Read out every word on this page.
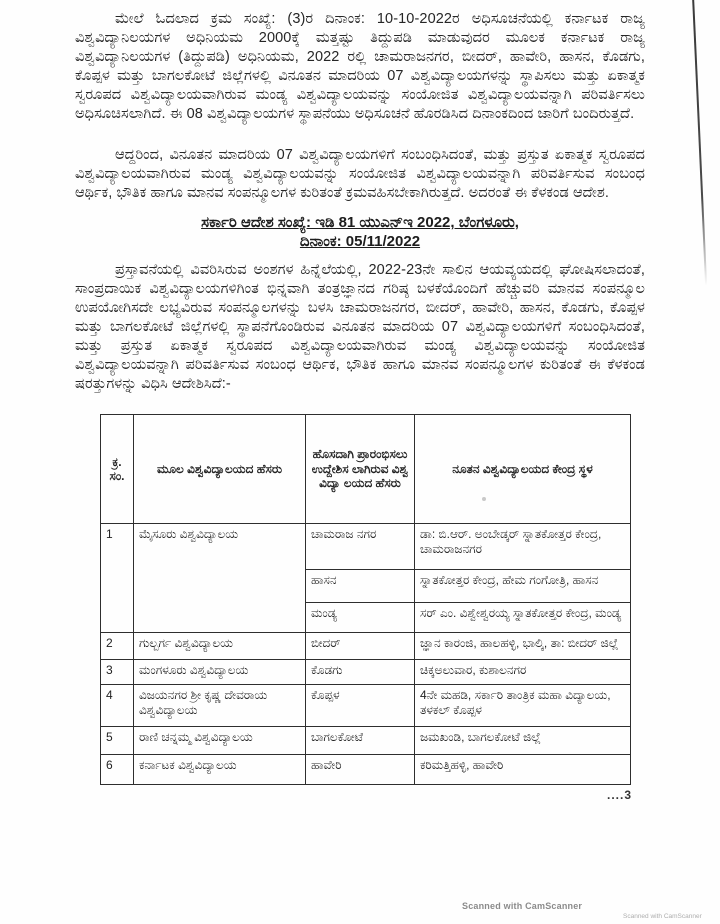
ಮೇಲೆ ಓದಲಾದ ಕ್ರಮ ಸಂಖ್ಯೆ: (3)ರ ದಿನಾಂಕ: 10-10-2022ರ ಅಧಿಸೂಚನೆಯಲ್ಲಿ ಕರ್ನಾಟಕ ರಾಜ್ಯ ವಿಶ್ವವಿದ್ಯಾನಿಲಯಗಳ ಅಧಿನಿಯಮ 2000ಕ್ಕೆ ಮತ್ತಷ್ಟು ತಿದ್ದುಪಡಿ ಮಾಡುವುದರ ಮೂಲಕ ಕರ್ನಾಟಕ ರಾಜ್ಯ ವಿಶ್ವವಿದ್ಯಾನಿಲಯಗಳ (ತಿದ್ದುಪಡಿ) ಅಧಿನಿಯಮ, 2022 ರಲ್ಲಿ ಚಾಮರಾಜನಗರ, ಬೀದರ್, ಹಾವೇರಿ, ಹಾಸನ, ಕೊಡಗು, ಕೊಪ್ಪಳ ಮತ್ತು ಬಾಗಲಕೋಟೆ ಜಿಲ್ಲೆಗಳಲ್ಲಿ ವಿನೂತನ ಮಾದರಿಯ 07 ವಿಶ್ವವಿದ್ಯಾಲಯಗಳನ್ನು ಸ್ಥಾಪಿಸಲು ಮತ್ತು ಏಕಾತ್ಮಕ ಸ್ವರೂಪದ ವಿಶ್ವವಿದ್ಯಾಲಯವಾಗಿರುವ ಮಂಡ್ಯ ವಿಶ್ವವಿದ್ಯಾಲಯವನ್ನು ಸಂಯೋಜಿತ ವಿಶ್ವವಿದ್ಯಾಲಯವನ್ನಾಗಿ ಪರಿವರ್ತಿಸಲು ಅಧಿಸೂಚಿಸಲಾಗಿದೆ. ಈ 08 ವಿಶ್ವವಿದ್ಯಾಲಯಗಳ ಸ್ಥಾಪನೆಯು ಅಧಿಸೂಚನೆ ಹೊರಡಿಸಿದ ದಿನಾಂಕದಿಂದ ಜಾರಿಗೆ ಬಂದಿರುತ್ತದೆ.

ಆದ್ದರಿಂದ, ವಿನೂತನ ಮಾದರಿಯ 07 ವಿಶ್ವವಿದ್ಯಾಲಯಗಳಿಗೆ ಸಂಬಂಧಿಸಿದಂತೆ, ಮತ್ತು ಪ್ರಸ್ತುತ ಏಕಾತ್ಮಕ ಸ್ವರೂಪದ ವಿಶ್ವವಿದ್ಯಾಲಯವಾಗಿರುವ ಮಂಡ್ಯ ವಿಶ್ವವಿದ್ಯಾಲಯವನ್ನು ಸಂಯೋಜಿತ ವಿಶ್ವವಿದ್ಯಾಲಯವನ್ನಾಗಿ ಪರಿವರ್ತಿಸುವ ಸಂಬಂಧ ಆರ್ಥಿಕ, ಭೌತಿಕ ಹಾಗೂ ಮಾನವ ಸಂಪನ್ಮೂಲಗಳ ಕುರಿತಂತೆ ಕ್ರಮವಹಿಸಬೇಕಾಗಿರುತ್ತದೆ. ಅದರಂತೆ ಈ ಕೆಳಕಂಡ ಆದೇಶ.

ಸರ್ಕಾರಿ ಆದೇಶ ಸಂಖ್ಯೆ: ಇಡಿ 81 ಯುಎನ್‌ಇ 2022, ಬೆಂಗಳೂರು,
ದಿನಾಂಕ: 05/11/2022

ಪ್ರಸ್ತಾವನೆಯಲ್ಲಿ ವಿವರಿಸಿರುವ ಅಂಶಗಳ ಹಿನ್ನೆಲೆಯಲ್ಲಿ, 2022-23ನೇ ಸಾಲಿನ ಆಯವ್ಯಯದಲ್ಲಿ ಘೋಷಿಸಲಾದಂತೆ, ಸಾಂಪ್ರದಾಯಿಕ ವಿಶ್ವವಿದ್ಯಾಲಯಗಳಿಗಿಂತ ಭಿನ್ನವಾಗಿ ತಂತ್ರಜ್ಞಾನದ ಗರಿಷ್ಠ ಬಳಕೆಯೊಂದಿಗೆ ಹೆಚ್ಚುವರಿ ಮಾನವ ಸಂಪನ್ಮೂಲ ಉಪಯೋಗಿಸದೇ ಲಭ್ಯವಿರುವ ಸಂಪನ್ಮೂಲಗಳನ್ನು ಬಳಸಿ ಚಾಮರಾಜನಗರ, ಬೀದರ್, ಹಾವೇರಿ, ಹಾಸನ, ಕೊಡಗು, ಕೊಪ್ಪಳ ಮತ್ತು ಬಾಗಲಕೋಟೆ ಜಿಲ್ಲೆಗಳಲ್ಲಿ ಸ್ಥಾಪನೆಗೊಂಡಿರುವ ವಿನೂತನ ಮಾದರಿಯ 07 ವಿಶ್ವವಿದ್ಯಾಲಯಗಳಿಗೆ ಸಂಬಂಧಿಸಿದಂತೆ, ಮತ್ತು ಪ್ರಸ್ತುತ ಏಕಾತ್ಮಕ ಸ್ವರೂಪದ ವಿಶ್ವವಿದ್ಯಾಲಯವಾಗಿರುವ ಮಂಡ್ಯ ವಿಶ್ವವಿದ್ಯಾಲಯವನ್ನು ಸಂಯೋಜಿತ ವಿಶ್ವವಿದ್ಯಾಲಯವನ್ನಾಗಿ ಪರಿವರ್ತಿಸುವ ಸಂಬಂಧ ಆರ್ಥಿಕ, ಭೌತಿಕ ಹಾಗೂ ಮಾನವ ಸಂಪನ್ಮೂಲಗಳ ಕುರಿತಂತೆ ಈ ಕೆಳಕಂಡ ಷರತ್ತುಗಳನ್ನು ವಿಧಿಸಿ ಆದೇಶಿಸಿದೆ:-

ಕ್ರ. ಸಂ.	ಮೂಲ ವಿಶ್ವವಿದ್ಯಾಲಯದ ಹೆಸರು	ಹೊಸದಾಗಿ ಪ್ರಾರಂಭಿಸಲು ಉದ್ದೇಶಿಸ ಲಾಗಿರುವ ವಿಶ್ವ ವಿದ್ಯಾ ಲಯದ ಹೆಸರು	ನೂತನ ವಿಶ್ವವಿದ್ಯಾಲಯದ ಕೇಂದ್ರ ಸ್ಥಳ
1	ಮೈಸೂರು ವಿಶ್ವವಿದ್ಯಾಲಯ	ಚಾಮರಾಜ ನಗರ	ಡಾ: ಬಿ.ಆರ್. ಅಂಬೇಡ್ಕರ್ ಸ್ನಾತಕೋತ್ತರ ಕೇಂದ್ರ, ಚಾಮರಾಜನಗರ
		ಹಾಸನ	ಸ್ನಾತಕೋತ್ತರ ಕೇಂದ್ರ, ಹೇಮ ಗಂಗೋತ್ರಿ, ಹಾಸನ
		ಮಂಡ್ಯ	ಸರ್ ಎಂ. ವಿಶ್ವೇಶ್ವರಯ್ಯ ಸ್ನಾತಕೋತ್ತರ ಕೇಂದ್ರ, ಮಂಡ್ಯ
2	ಗುಲ್ಬರ್ಗ ವಿಶ್ವವಿದ್ಯಾಲಯ	ಬೀದರ್	ಜ್ಞಾನ ಕಾರಂಜಿ, ಹಾಲಹಳ್ಳಿ, ಭಾಲ್ಕಿ, ತಾ: ಬೀದರ್ ಜಿಲ್ಲೆ
3	ಮಂಗಳೂರು ವಿಶ್ವವಿದ್ಯಾಲಯ	ಕೊಡಗು	ಚಿಕ್ಕಅಲುವಾರ, ಕುಶಾಲನಗರ
4	ವಿಜಯನಗರ ಶ್ರೀ ಕೃಷ್ಣ ದೇವರಾಯ ವಿಶ್ವವಿದ್ಯಾಲಯ	ಕೊಪ್ಪಳ	4ನೇ ಮಹಡಿ, ಸರ್ಕಾರಿ ತಾಂತ್ರಿಕ ಮಹಾ ವಿದ್ಯಾಲಯ, ತಳಕಲ್ ಕೊಪ್ಪಳ
5	ರಾಣಿ ಚನ್ನಮ್ಮ ವಿಶ್ವವಿದ್ಯಾಲಯ	ಬಾಗಲಕೋಟೆ	ಜಮಖಂಡಿ, ಬಾಗಲಕೋಟೆ ಜಿಲ್ಲೆ
6	ಕರ್ನಾಟಕ ವಿಶ್ವವಿದ್ಯಾಲಯ	ಹಾವೇರಿ	ಕರಿಮತ್ತಿಹಳ್ಳಿ, ಹಾವೇರಿ
....3
Scanned with CamScanner
Scanned with CamScanner
